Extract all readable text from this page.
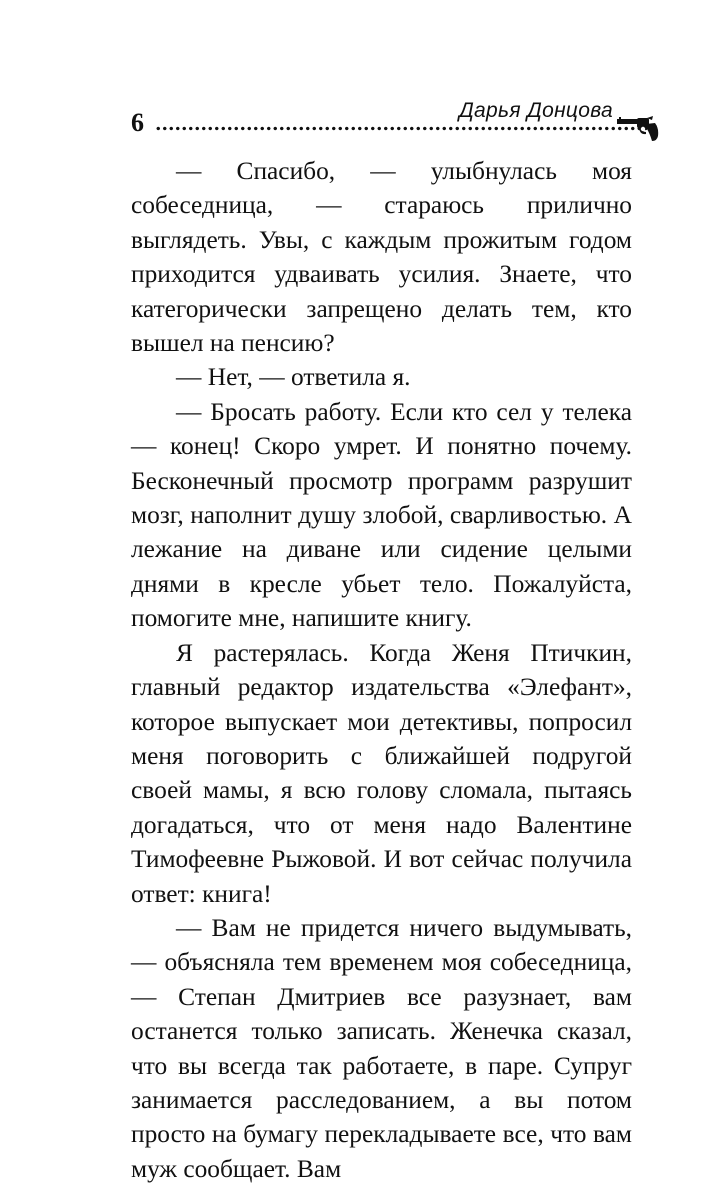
6	Дарья Донцова

— Спасибо, — улыбнулась моя собеседница, — стараюсь прилично выглядеть. Увы, с каждым прожитым годом приходится удваивать усилия. Знаете, что категорически запрещено делать тем, кто вышел на пенсию?

— Нет, — ответила я.

— Бросать работу. Если кто сел у телека — конец! Скоро умрет. И понятно почему. Бесконечный просмотр программ разрушит мозг, наполнит душу злобой, сварливостью. А лежание на диване или сидение целыми днями в кресле убьет тело. Пожалуйста, помогите мне, напишите книгу.

Я растерялась. Когда Женя Птичкин, главный редактор издательства «Элефант», которое выпускает мои детективы, попросил меня поговорить с ближайшей подругой своей мамы, я всю голову сломала, пытаясь догадаться, что от меня надо Валентине Тимофеевне Рыжовой. И вот сейчас получила ответ: книга!

— Вам не придется ничего выдумывать, — объясняла тем временем моя собеседница, — Степан Дмитриев все разузнает, вам останется только записать. Женечка сказал, что вы всегда так работаете, в паре. Супруг занимается расследованием, а вы потом просто на бумагу перекладываете все, что вам муж сообщает. Вам
